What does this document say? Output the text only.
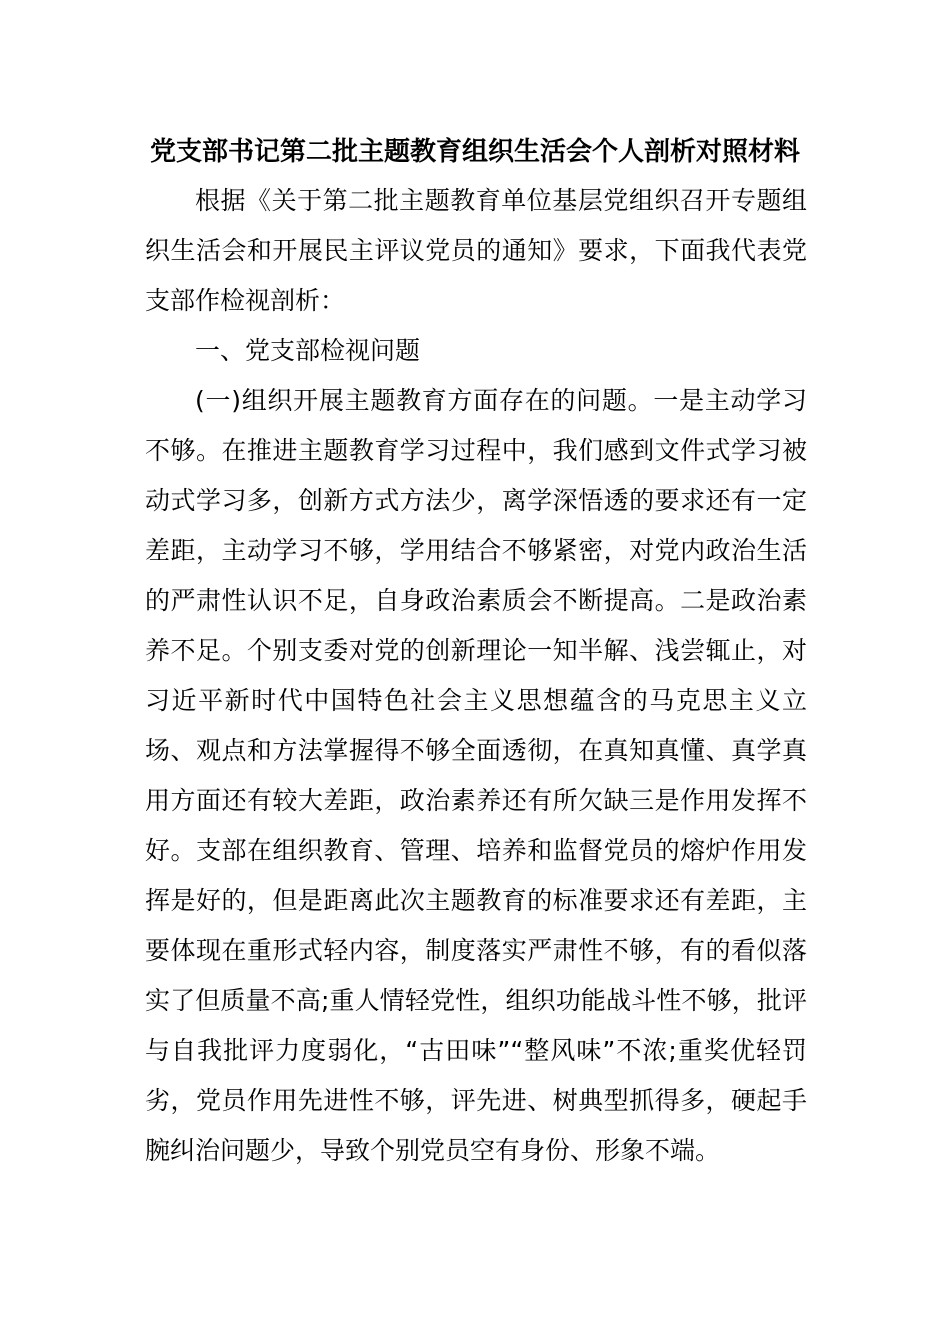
党支部书记第二批主题教育组织生活会个人剖析对照材料

根据《关于第二批主题教育单位基层党组织召开专题组织生活会和开展民主评议党员的通知》要求，下面我代表党支部作检视剖析：

一、党支部检视问题

(一)组织开展主题教育方面存在的问题。一是主动学习不够。在推进主题教育学习过程中，我们感到文件式学习被动式学习多，创新方式方法少，离学深悟透的要求还有一定差距，主动学习不够，学用结合不够紧密，对党内政治生活的严肃性认识不足，自身政治素质会不断提高。二是政治素养不足。个别支委对党的创新理论一知半解、浅尝辄止，对习近平新时代中国特色社会主义思想蕴含的马克思主义立场、观点和方法掌握得不够全面透彻，在真知真懂、真学真用方面还有较大差距，政治素养还有所欠缺三是作用发挥不好。支部在组织教育、管理、培养和监督党员的熔炉作用发挥是好的，但是距离此次主题教育的标准要求还有差距，主要体现在重形式轻内容，制度落实严肃性不够，有的看似落实了但质量不高;重人情轻党性，组织功能战斗性不够，批评与自我批评力度弱化，“古田味”“整风味”不浓;重奖优轻罚劣，党员作用先进性不够，评先进、树典型抓得多，硬起手腕纠治问题少，导致个别党员空有身份、形象不端。
